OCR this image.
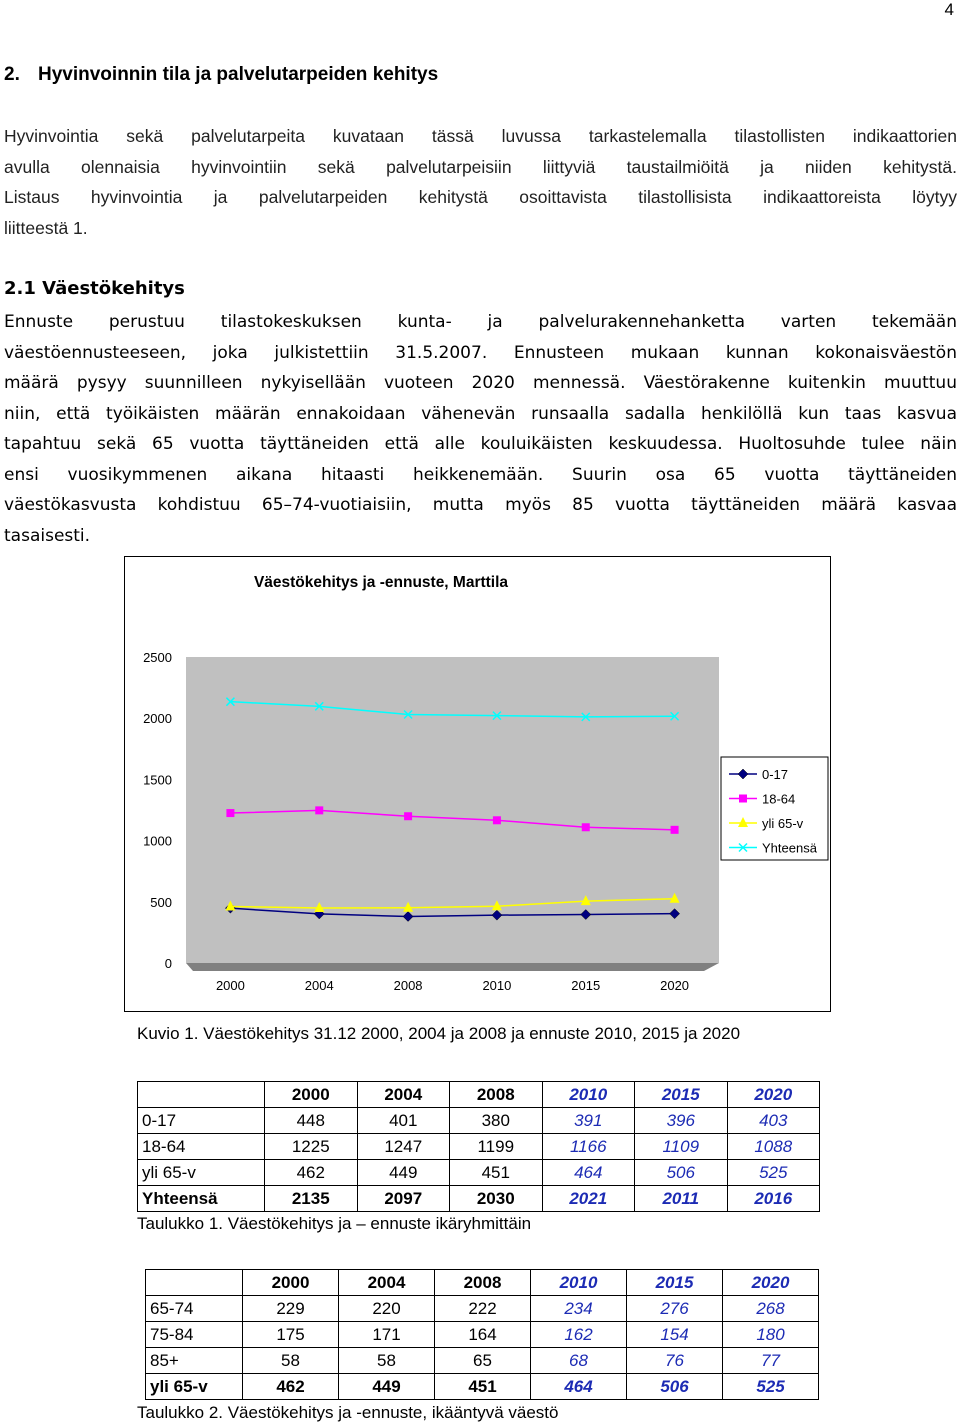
4
2. Hyvinvoinnin tila ja palvelutarpeiden kehitys
Hyvinvointia sekä palvelutarpeita kuvataan tässä luvussa tarkastelemalla tilastollisten indikaattorien
avulla olennaisia hyvinvointiin sekä palvelutarpeisiin liittyviä taustailmiöitä ja niiden kehitystä.
Listaus hyvinvointia ja palvelutarpeiden kehitystä osoittavista tilastollisista indikaattoreista löytyy
liitteestä 1.
2.1 Väestökehitys
Ennuste perustuu tilastokeskuksen kunta- ja palvelurakennehanketta varten tekemään
väestöennusteeseen, joka julkistettiin 31.5.2007. Ennusteen mukaan kunnan kokonaisväestön
määrä pysyy suunnilleen nykyisellään vuoteen 2020 mennessä. Väestörakenne kuitenkin muuttuu
niin, että työikäisten määrän ennakoidaan vähenevän runsaalla sadalla henkilöllä kun taas kasvua
tapahtuu sekä 65 vuotta täyttäneiden että alle kouluikäisten keskuudessa. Huoltosuhde tulee näin
ensi vuosikymmenen aikana hitaasti heikkenemään. Suurin osa 65 vuotta täyttäneiden
väestökasvusta kohdistuu 65–74-vuotiaisiin, mutta myös 85 vuotta täyttäneiden määrä kasvaa
tasaisesti.
Väestökehitys ja -ennuste, Marttila
0
500
1000
1500
2000
2500
2000	2004	2008	2010	2015	2020
0-17
18-64
yli 65-v
Yhteensä
Kuvio 1. Väestökehitys 31.12 2000, 2004 ja 2008 ja ennuste 2010, 2015 ja 2020
	2000	2004	2008	2010	2015	2020
0-17	448	401	380	391	396	403
18-64	1225	1247	1199	1166	1109	1088
yli 65-v	462	449	451	464	506	525
Yhteensä	2135	2097	2030	2021	2011	2016
Taulukko 1. Väestökehitys ja – ennuste ikäryhmittäin
	2000	2004	2008	2010	2015	2020
65-74	229	220	222	234	276	268
75-84	175	171	164	162	154	180
85+	58	58	65	68	76	77
yli 65-v	462	449	451	464	506	525
Taulukko 2. Väestökehitys ja -ennuste, ikääntyvä väestö
